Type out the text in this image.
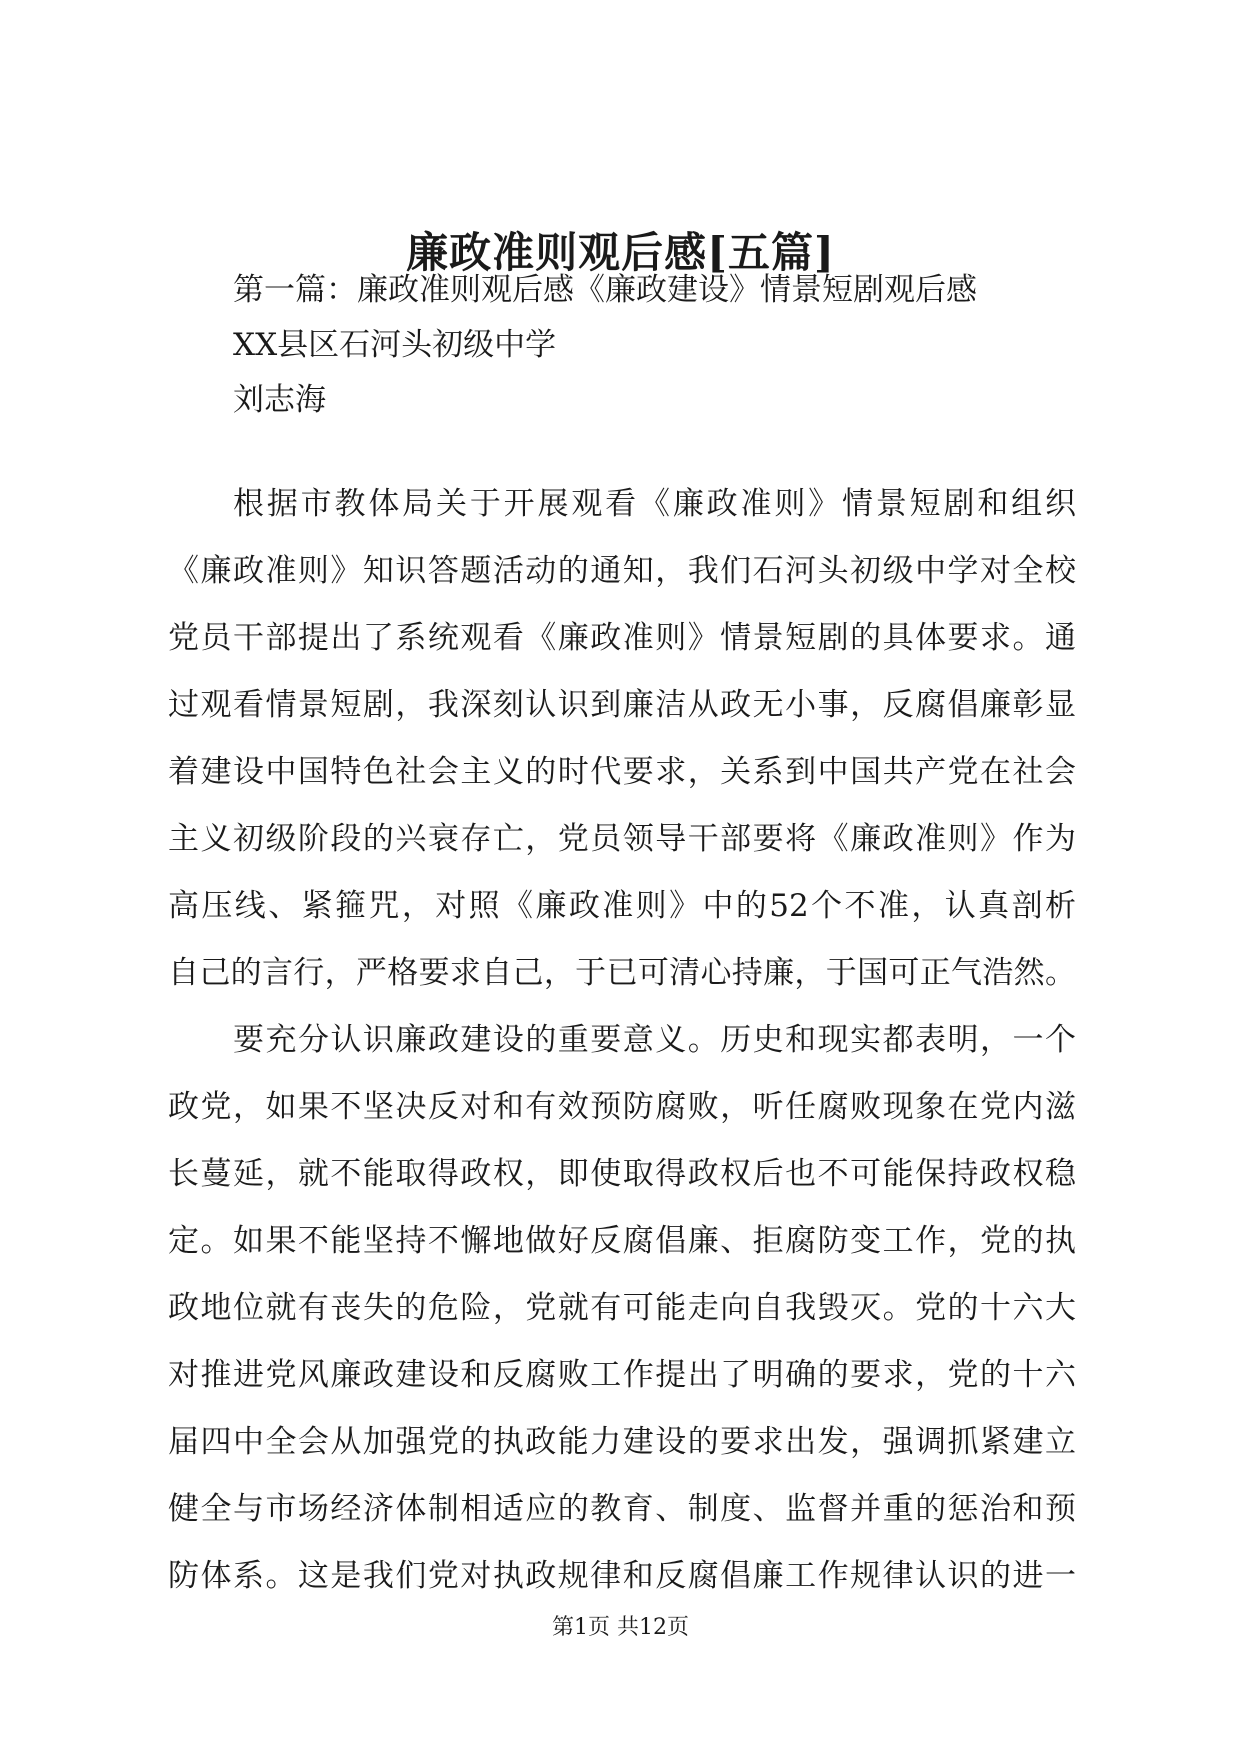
廉政准则观后感[五篇]
第一篇：廉政准则观后感《廉政建设》情景短剧观后感
XX县区石河头初级中学
刘志海
根据市教体局关于开展观看《廉政准则》情景短剧和组织
《廉政准则》知识答题活动的通知，我们石河头初级中学对全校
党员干部提出了系统观看《廉政准则》情景短剧的具体要求。通
过观看情景短剧，我深刻认识到廉洁从政无小事，反腐倡廉彰显
着建设中国特色社会主义的时代要求，关系到中国共产党在社会
主义初级阶段的兴衰存亡，党员领导干部要将《廉政准则》作为
高压线、紧箍咒，对照《廉政准则》中的52个不准，认真剖析
自己的言行，严格要求自己，于已可清心持廉，于国可正气浩然。
要充分认识廉政建设的重要意义。历史和现实都表明，一个
政党，如果不坚决反对和有效预防腐败，听任腐败现象在党内滋
长蔓延，就不能取得政权，即使取得政权后也不可能保持政权稳
定。如果不能坚持不懈地做好反腐倡廉、拒腐防变工作，党的执
政地位就有丧失的危险，党就有可能走向自我毁灭。党的十六大
对推进党风廉政建设和反腐败工作提出了明确的要求，党的十六
届四中全会从加强党的执政能力建设的要求出发，强调抓紧建立
健全与市场经济体制相适应的教育、制度、监督并重的惩治和预
防体系。这是我们党对执政规律和反腐倡廉工作规律认识的进一
第1页 共12页
